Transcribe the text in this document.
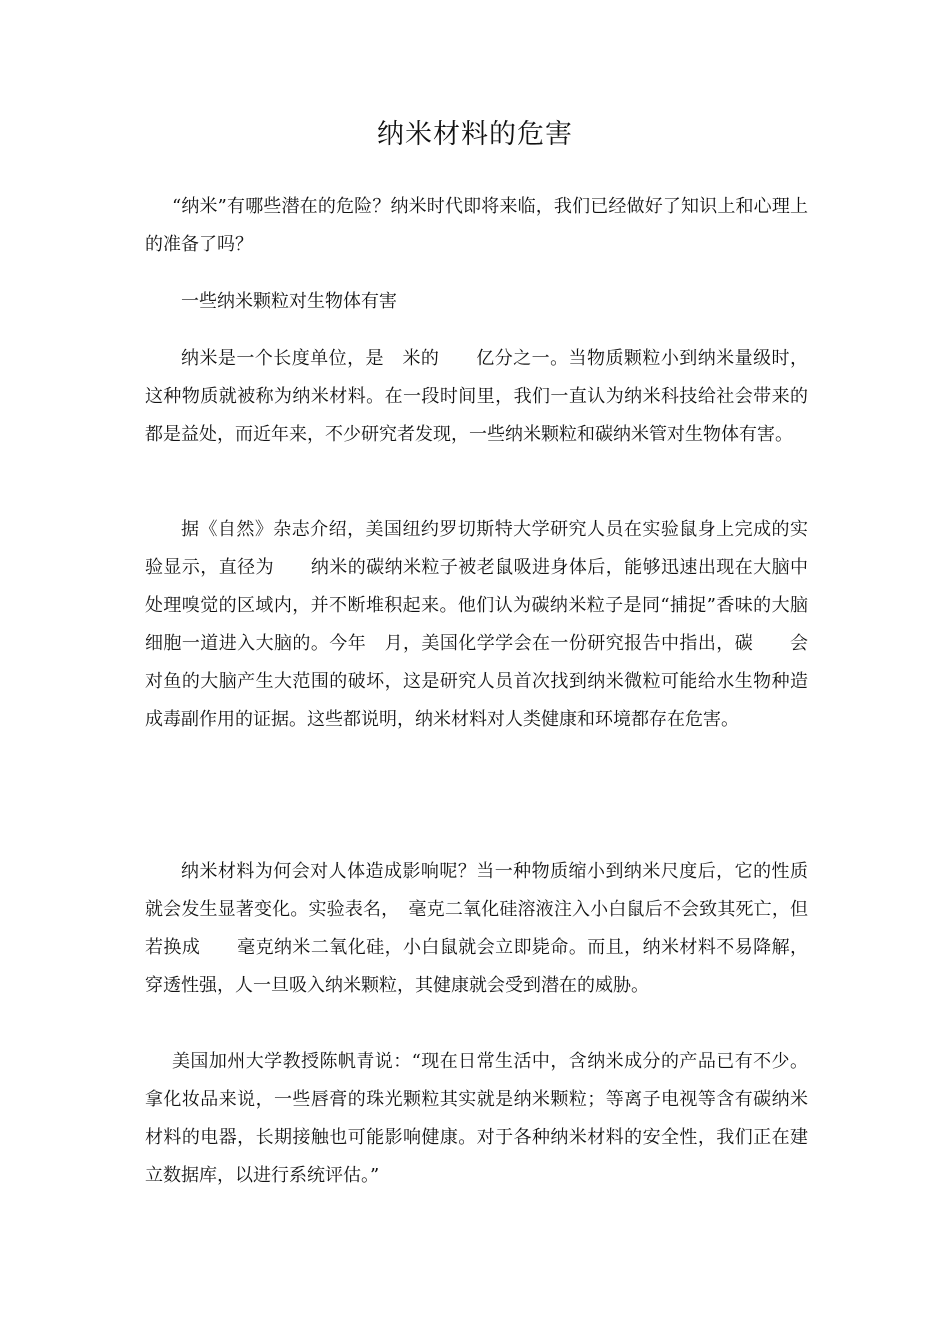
纳米材料的危害

“纳米”有哪些潜在的危险？纳米时代即将来临，我们已经做好了知识上和心理上的准备了吗？

一些纳米颗粒对生物体有害

纳米是一个长度单位，是　米的　　亿分之一。当物质颗粒小到纳米量级时，这种物质就被称为纳米材料。在一段时间里，我们一直认为纳米科技给社会带来的都是益处，而近年来，不少研究者发现，一些纳米颗粒和碳纳米管对生物体有害。

据《自然》杂志介绍，美国纽约罗切斯特大学研究人员在实验鼠身上完成的实验显示，直径为　　纳米的碳纳米粒子被老鼠吸进身体后，能够迅速出现在大脑中处理嗅觉的区域内，并不断堆积起来。他们认为碳纳米粒子是同“捕捉”香味的大脑细胞一道进入大脑的。今年　月，美国化学学会在一份研究报告中指出，碳　　会对鱼的大脑产生大范围的破坏，这是研究人员首次找到纳米微粒可能给水生物种造成毒副作用的证据。这些都说明，纳米材料对人类健康和环境都存在危害。

纳米材料为何会对人体造成影响呢？当一种物质缩小到纳米尺度后，它的性质就会发生显著变化。实验表名，　毫克二氧化硅溶液注入小白鼠后不会致其死亡，但若换成　　毫克纳米二氧化硅，小白鼠就会立即毙命。而且，纳米材料不易降解，穿透性强，人一旦吸入纳米颗粒，其健康就会受到潜在的威胁。

美国加州大学教授陈帆青说：“现在日常生活中，含纳米成分的产品已有不少。拿化妆品来说，一些唇膏的珠光颗粒其实就是纳米颗粒；等离子电视等含有碳纳米材料的电器，长期接触也可能影响健康。对于各种纳米材料的安全性，我们正在建立数据库，以进行系统评估。”
